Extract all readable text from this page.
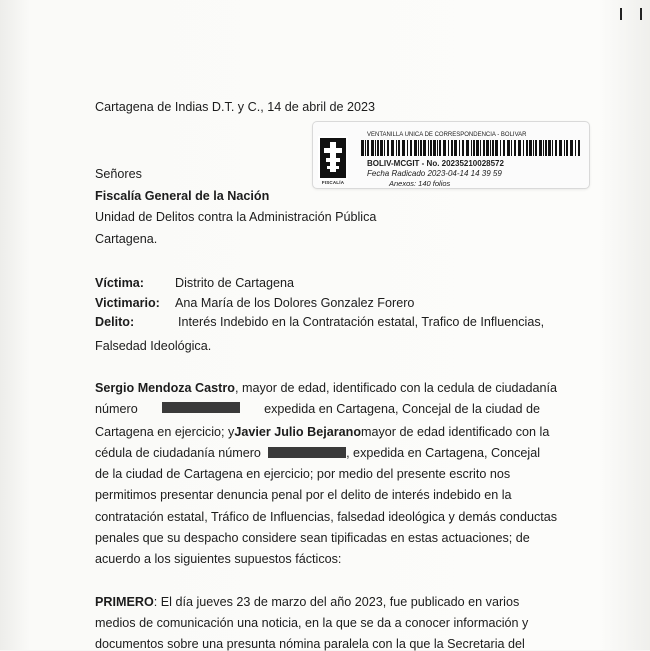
Cartagena de Indias D.T. y C., 14 de abril de 2023
FISCALÍA
VENTANILLA UNICA DE CORRESPONDENCIA - BOLIVAR
BOLIV-MCGIT - No. 20235210028572
Fecha Radicado 2023-04-14 14 39 59
Anexos: 140 folios
Señores
Fiscalía General de la Nación
Unidad de Delitos contra la Administración Pública
Cartagena.
Víctima: Distrito de Cartagena
Victimario: Ana María de los Dolores Gonzalez Forero
Delito:	Interés Indebido en la Contratación estatal, Trafico de Influencias,
Falsedad Ideológica.
Sergio Mendoza Castro, mayor de edad, identificado con la cedula de ciudadanía
número	expedida en Cartagena, Concejal de la ciudad de
Cartagena en ejercicio; y Javier Julio Bejarano mayor de edad identificado con la
cédula de ciudadanía número	, expedida en Cartagena, Concejal
de la ciudad de Cartagena en ejercicio; por medio del presente escrito nos
permitimos presentar denuncia penal por el delito de interés indebido en la
contratación estatal, Tráfico de Influencias, falsedad ideológica y demás conductas
penales que su despacho considere sean tipificadas en estas actuaciones; de
acuerdo a los siguientes supuestos fácticos:
PRIMERO: El día jueves 23 de marzo del año 2023, fue publicado en varios
medios de comunicación una noticia, en la que se da a conocer información y
documentos sobre una presunta nómina paralela con la que la Secretaria del
